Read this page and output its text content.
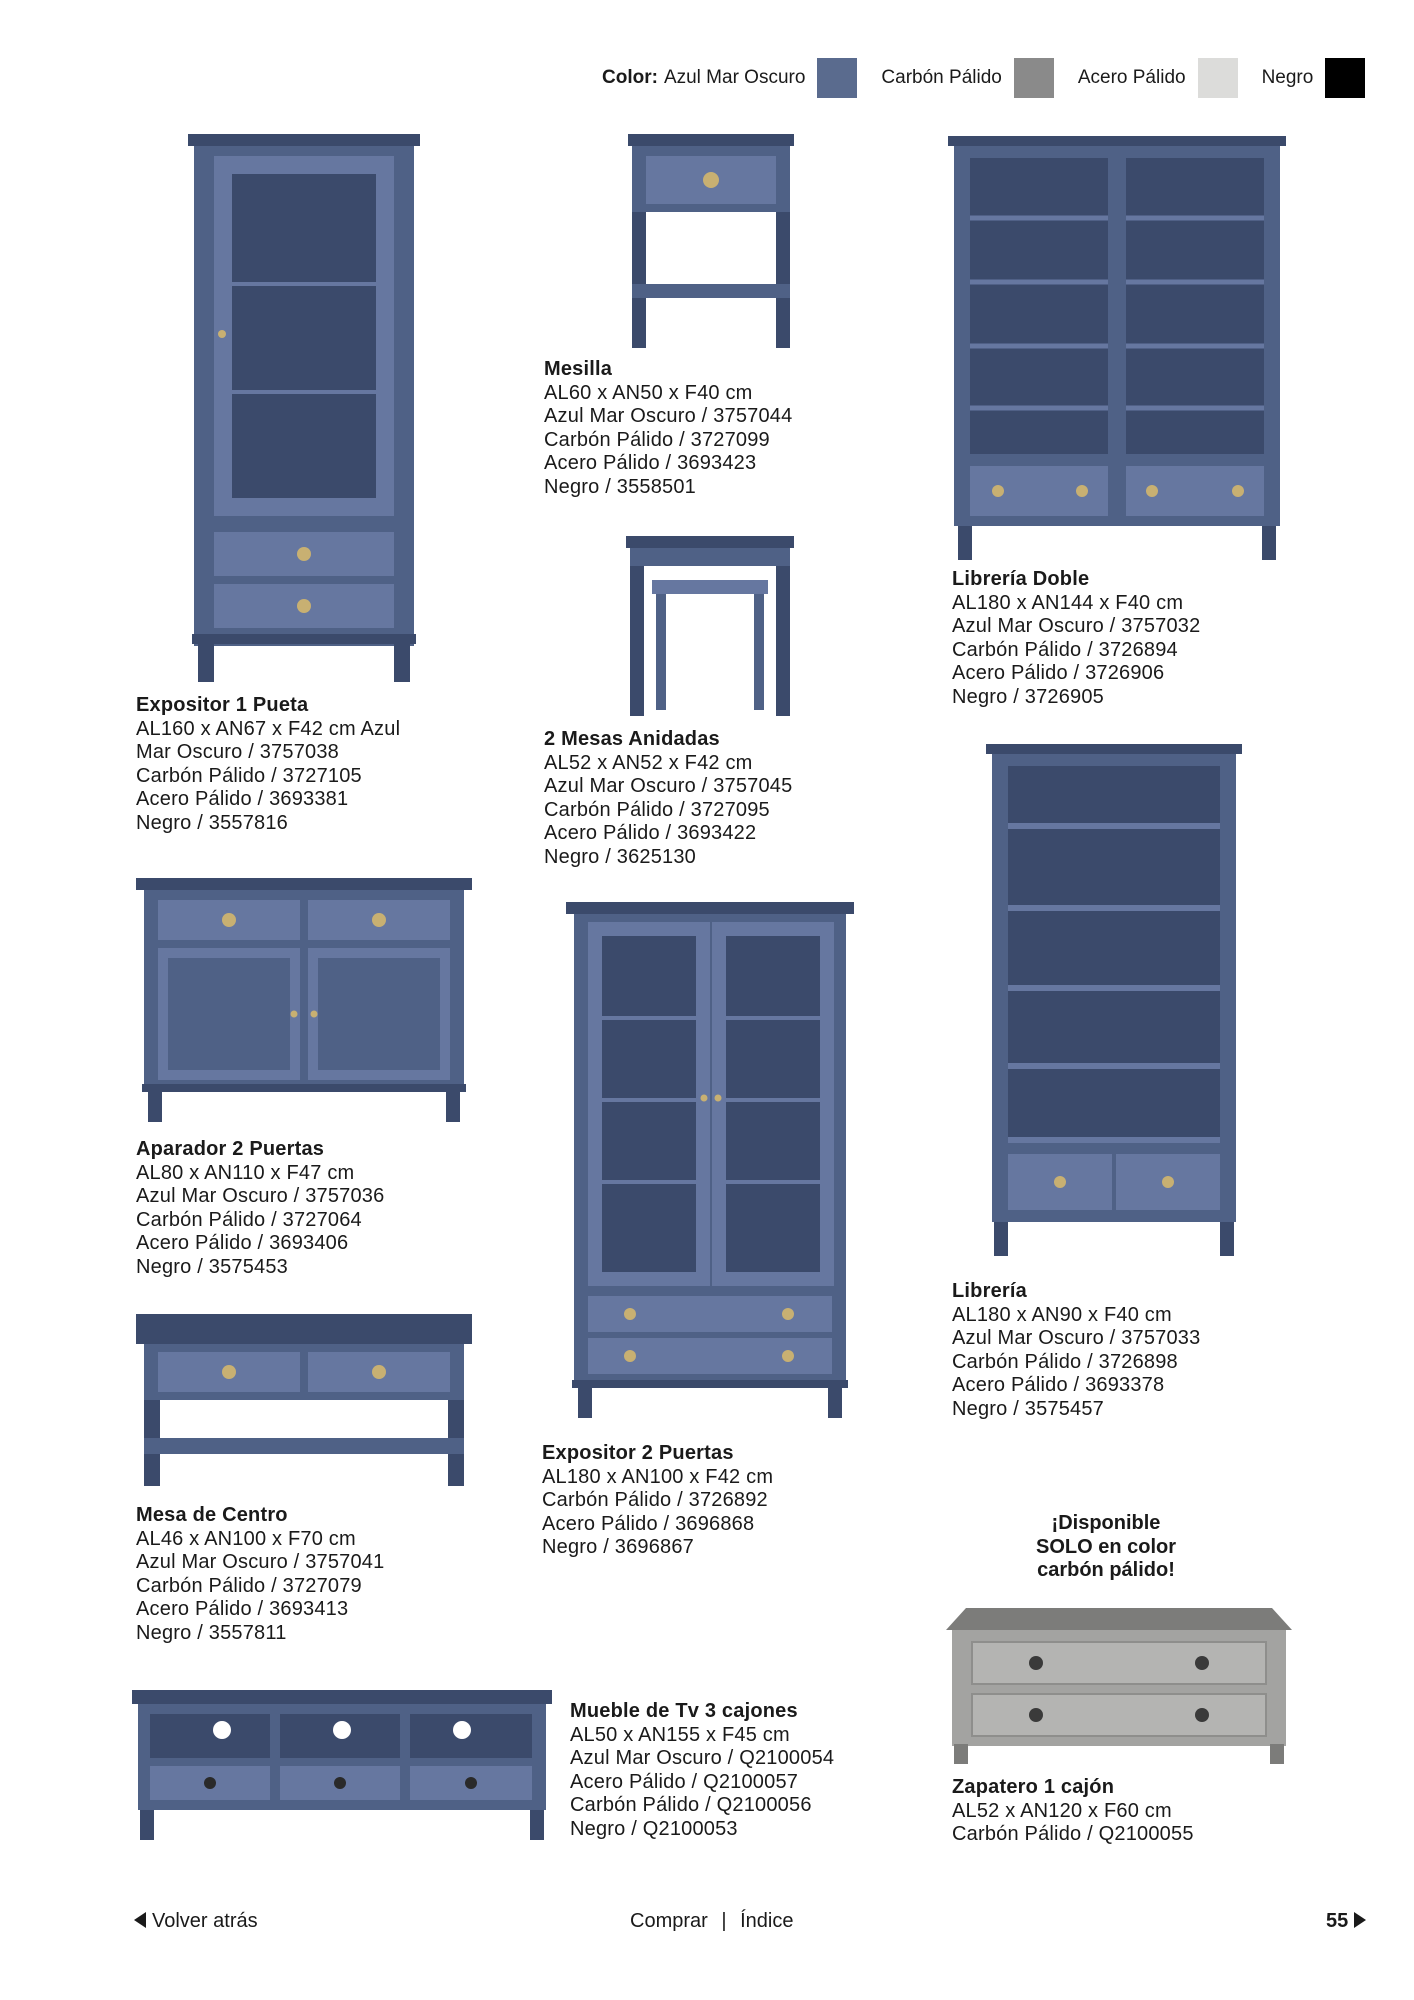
Color: Azul Mar Oscuro	Carbón Pálido	Acero Pálido	Negro
Expositor 1 Pueta
AL160 x AN67 x F42 cm Azul
Mar Oscuro / 3757038
Carbón Pálido / 3727105
Acero Pálido / 3693381
Negro / 3557816
Mesilla
AL60 x AN50 x F40 cm
Azul Mar Oscuro / 3757044
Carbón Pálido / 3727099
Acero Pálido / 3693423
Negro / 3558501
Librería Doble
AL180 x AN144 x F40 cm
Azul Mar Oscuro / 3757032
Carbón Pálido / 3726894
Acero Pálido / 3726906
Negro / 3726905
2 Mesas Anidadas
AL52 x AN52 x F42 cm
Azul Mar Oscuro / 3757045
Carbón Pálido / 3727095
Acero Pálido / 3693422
Negro / 3625130
Aparador 2 Puertas
AL80 x AN110 x F47 cm
Azul Mar Oscuro / 3757036
Carbón Pálido / 3727064
Acero Pálido / 3693406
Negro / 3575453
Librería
AL180 x AN90 x F40 cm
Azul Mar Oscuro / 3757033
Carbón Pálido / 3726898
Acero Pálido / 3693378
Negro / 3575457
Expositor 2 Puertas
AL180 x AN100 x F42 cm
Carbón Pálido / 3726892
Acero Pálido / 3696868
Negro / 3696867
Mesa de Centro
AL46 x AN100 x F70 cm
Azul Mar Oscuro / 3757041
Carbón Pálido / 3727079
Acero Pálido / 3693413
Negro / 3557811
Mueble de Tv 3 cajones
AL50 x AN155 x F45 cm
Azul Mar Oscuro / Q2100054
Acero Pálido / Q2100057
Carbón Pálido / Q2100056
Negro / Q2100053
¡Disponible
SOLO en color
carbón pálido!
Zapatero 1 cajón
AL52 x AN120 x F60 cm
Carbón Pálido / Q2100055
Volver atrás	Comprar | Índice	55
